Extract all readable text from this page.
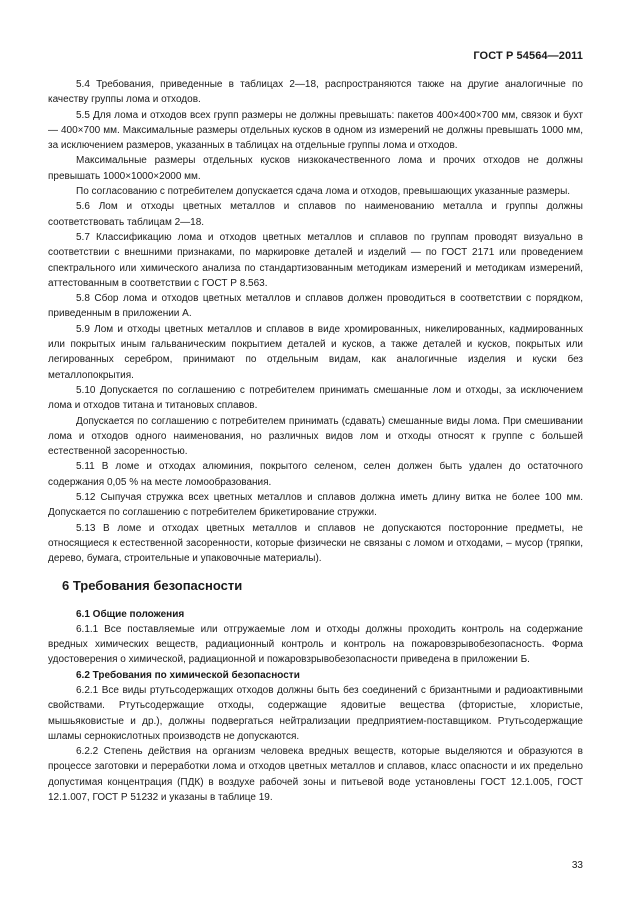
ГОСТ Р 54564—2011

5.4 Требования, приведенные в таблицах 2—18, распространяются также на другие аналогичные по качеству группы лома и отходов.

5.5 Для лома и отходов всех групп размеры не должны превышать: пакетов 400×400×700 мм, связок и бухт — 400×700 мм. Максимальные размеры отдельных кусков в одном из измерений не должны превышать 1000 мм, за исключением размеров, указанных в таблицах на отдельные группы лома и отходов.

Максимальные размеры отдельных кусков низкокачественного лома и прочих отходов не должны превышать 1000×1000×2000 мм.

По согласованию с потребителем допускается сдача лома и отходов, превышающих указанные размеры.

5.6 Лом и отходы цветных металлов и сплавов по наименованию металла и группы должны соответствовать таблицам 2—18.

5.7 Классификацию лома и отходов цветных металлов и сплавов по группам проводят визуально в соответствии с внешними признаками, по маркировке деталей и изделий — по ГОСТ 2171 или проведением спектрального или химического анализа по стандартизованным методикам измерений и методикам измерений, аттестованным в соответствии с ГОСТ Р 8.563.

5.8 Сбор лома и отходов цветных металлов и сплавов должен проводиться в соответствии с порядком, приведенным в приложении А.

5.9 Лом и отходы цветных металлов и сплавов в виде хромированных, никелированных, кадмированных или покрытых иным гальваническим покрытием деталей и кусков, а также деталей и кусков, покрытых или легированных серебром, принимают по отдельным видам, как аналогичные изделия и куски без металлопокрытия.

5.10 Допускается по соглашению с потребителем принимать смешанные лом и отходы, за исключением лома и отходов титана и титановых сплавов.

Допускается по соглашению с потребителем принимать (сдавать) смешанные виды лома. При смешивании лома и отходов одного наименования, но различных видов лом и отходы относят к группе с большей естественной засоренностью.

5.11 В ломе и отходах алюминия, покрытого селеном, селен должен быть удален до остаточного содержания 0,05 % на месте ломообразования.

5.12 Сыпучая стружка всех цветных металлов и сплавов должна иметь длину витка не более 100 мм. Допускается по соглашению с потребителем брикетирование стружки.

5.13 В ломе и отходах цветных металлов и сплавов не допускаются посторонние предметы, не относящиеся к естественной засоренности, которые физически не связаны с ломом и отходами, – мусор (тряпки, дерево, бумага, строительные и упаковочные материалы).

6 Требования безопасности
6.1 Общие положения

6.1.1 Все поставляемые или отгружаемые лом и отходы должны проходить контроль на содержание вредных химических веществ, радиационный контроль и контроль на пожаровзрывобезопасность. Форма удостоверения о химической, радиационной и пожаровзрывобезопасности приведена в приложении Б.

6.2 Требования по химической безопасности

6.2.1 Все виды ртутьсодержащих отходов должны быть без соединений с бризантными и радиоактивными свойствами. Ртутьсодержащие отходы, содержащие ядовитые вещества (фтористые, хлористые, мышьяковистые и др.), должны подвергаться нейтрализации предприятием-поставщиком. Ртутьсодержащие шламы сернокислотных производств не допускаются.

6.2.2 Степень действия на организм человека вредных веществ, которые выделяются и образуются в процессе заготовки и переработки лома и отходов цветных металлов и сплавов, класс опасности и их предельно допустимая концентрация (ПДК) в воздухе рабочей зоны и питьевой воде установлены ГОСТ 12.1.005, ГОСТ 12.1.007, ГОСТ Р 51232 и указаны в таблице 19.

33
